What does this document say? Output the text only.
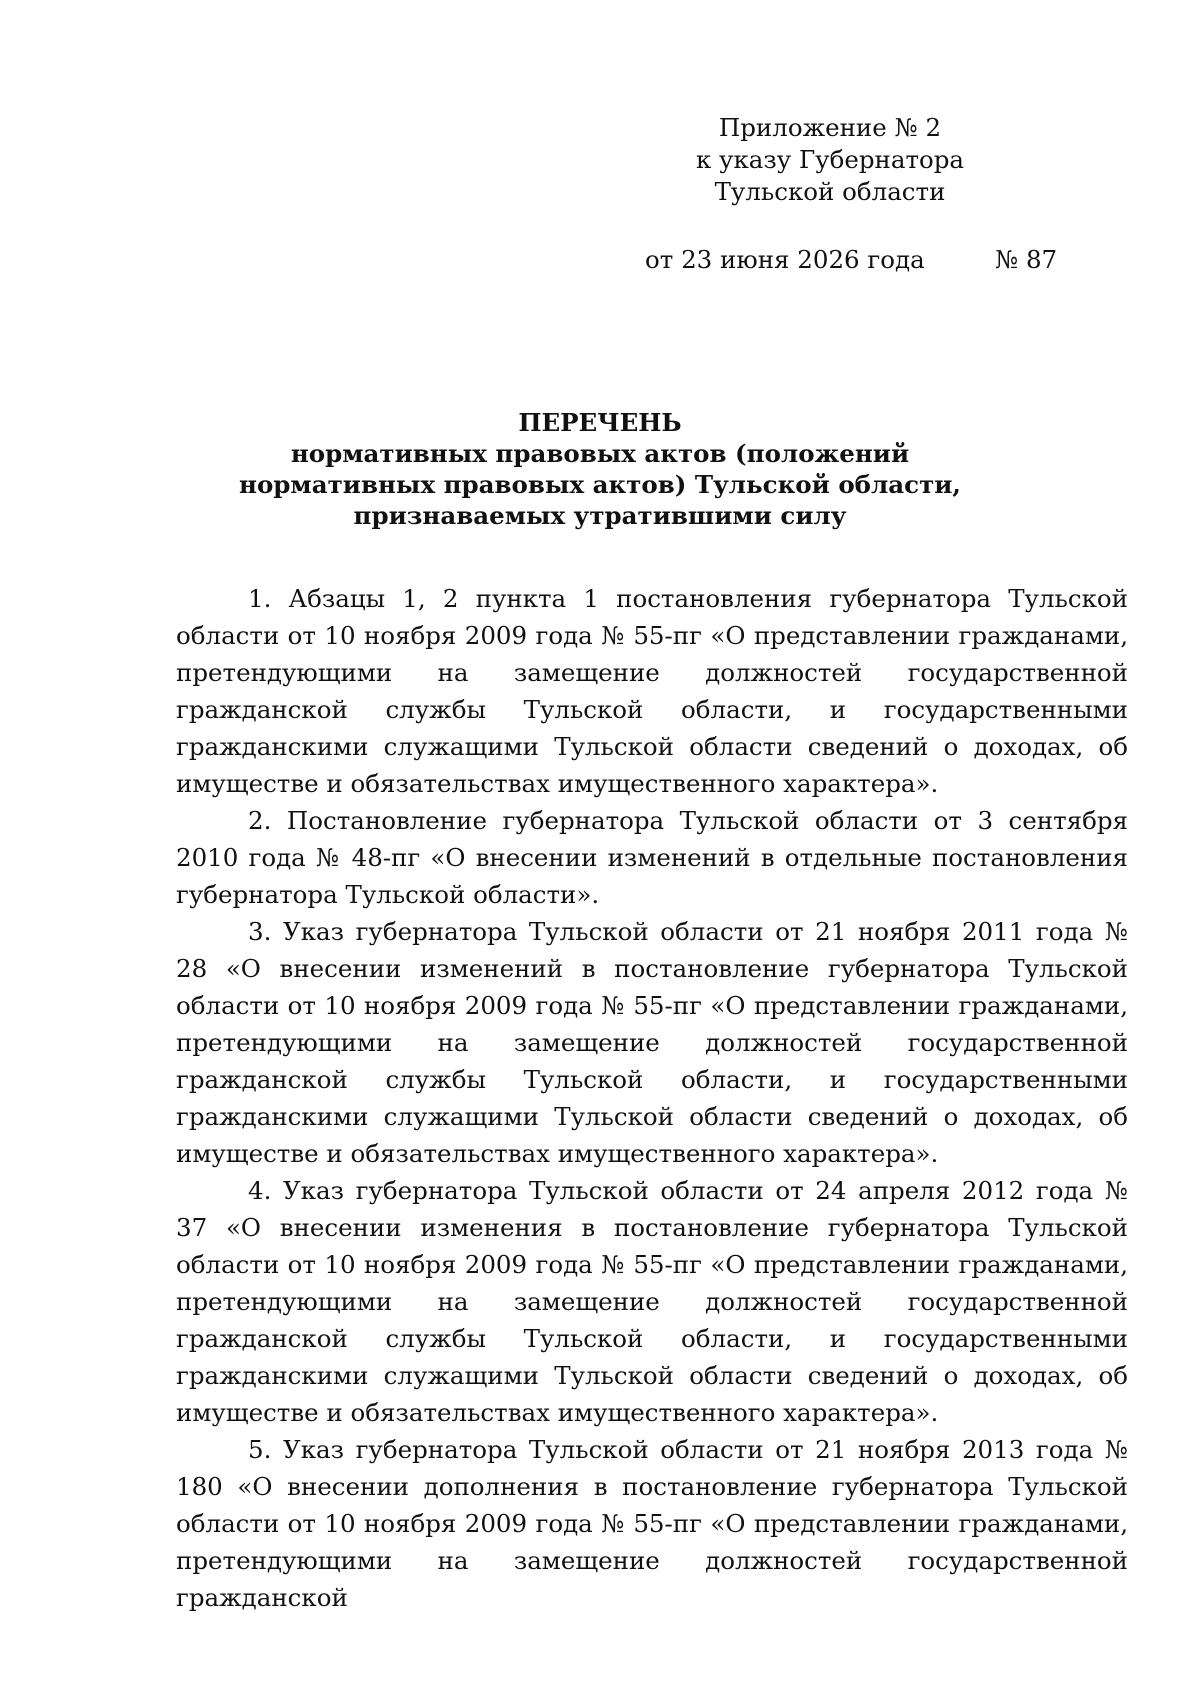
Приложение № 2
к указу Губернатора
Тульской области
от 23 июня 2026 года	№ 87
ПЕРЕЧЕНЬ
нормативных правовых актов (положений
нормативных правовых актов) Тульской области,
признаваемых утратившими силу

1. Абзацы 1, 2 пункта 1 постановления губернатора Тульской области от 10 ноября 2009 года № 55-пг «О представлении гражданами, претендующими на замещение должностей государственной гражданской службы Тульской области, и государственными гражданскими служащими Тульской области сведений о доходах, об имуществе и обязательствах имущественного характера».

2. Постановление губернатора Тульской области от 3 сентября 2010 года № 48-пг «О внесении изменений в отдельные постановления губернатора Тульской области».

3. Указ губернатора Тульской области от 21 ноября 2011 года № 28 «О внесении изменений в постановление губернатора Тульской области от 10 ноября 2009 года № 55-пг «О представлении гражданами, претендующими на замещение должностей государственной гражданской службы Тульской области, и государственными гражданскими служащими Тульской области сведений о доходах, об имуществе и обязательствах имущественного характера».

4. Указ губернатора Тульской области от 24 апреля 2012 года № 37 «О внесении изменения в постановление губернатора Тульской области от 10 ноября 2009 года № 55-пг «О представлении гражданами, претендующими на замещение должностей государственной гражданской службы Тульской области, и государственными гражданскими служащими Тульской области сведений о доходах, об имуществе и обязательствах имущественного характера».

5. Указ губернатора Тульской области от 21 ноября 2013 года № 180 «О внесении дополнения в постановление губернатора Тульской области от 10 ноября 2009 года № 55-пг «О представлении гражданами, претендующими на замещение должностей государственной гражданской
